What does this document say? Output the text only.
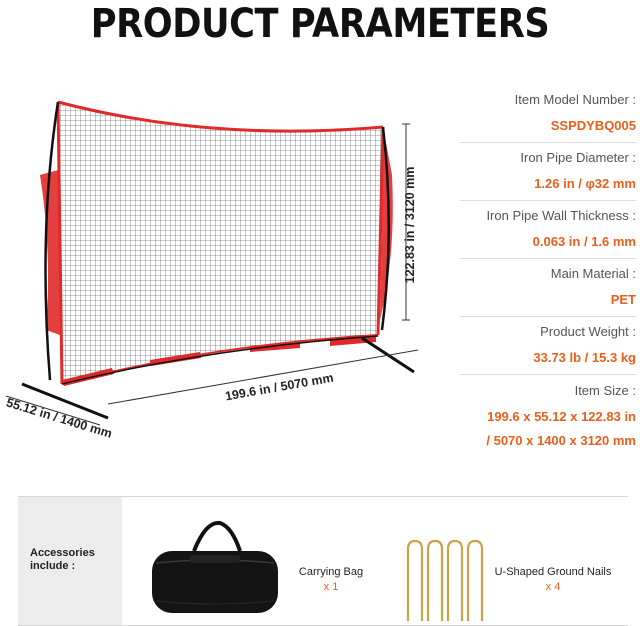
PRODUCT PARAMETERS
122.83 in / 3120 mm
199.6 in / 5070 mm
55.12 in / 1400 mm
Item Model Number :
SSPDYBQ005
Iron Pipe Diameter :
1.26 in / φ32 mm
Iron Pipe Wall Thickness :
0.063 in / 1.6 mm
Main Material :
PET
Product Weight :
33.73 lb / 15.3 kg
Item Size :
199.6 x 55.12 x 122.83 in
/ 5070 x 1400 x 3120 mm
Accessories
include :	Carrying Bag
x 1
U-Shaped Ground Nails
x 4
